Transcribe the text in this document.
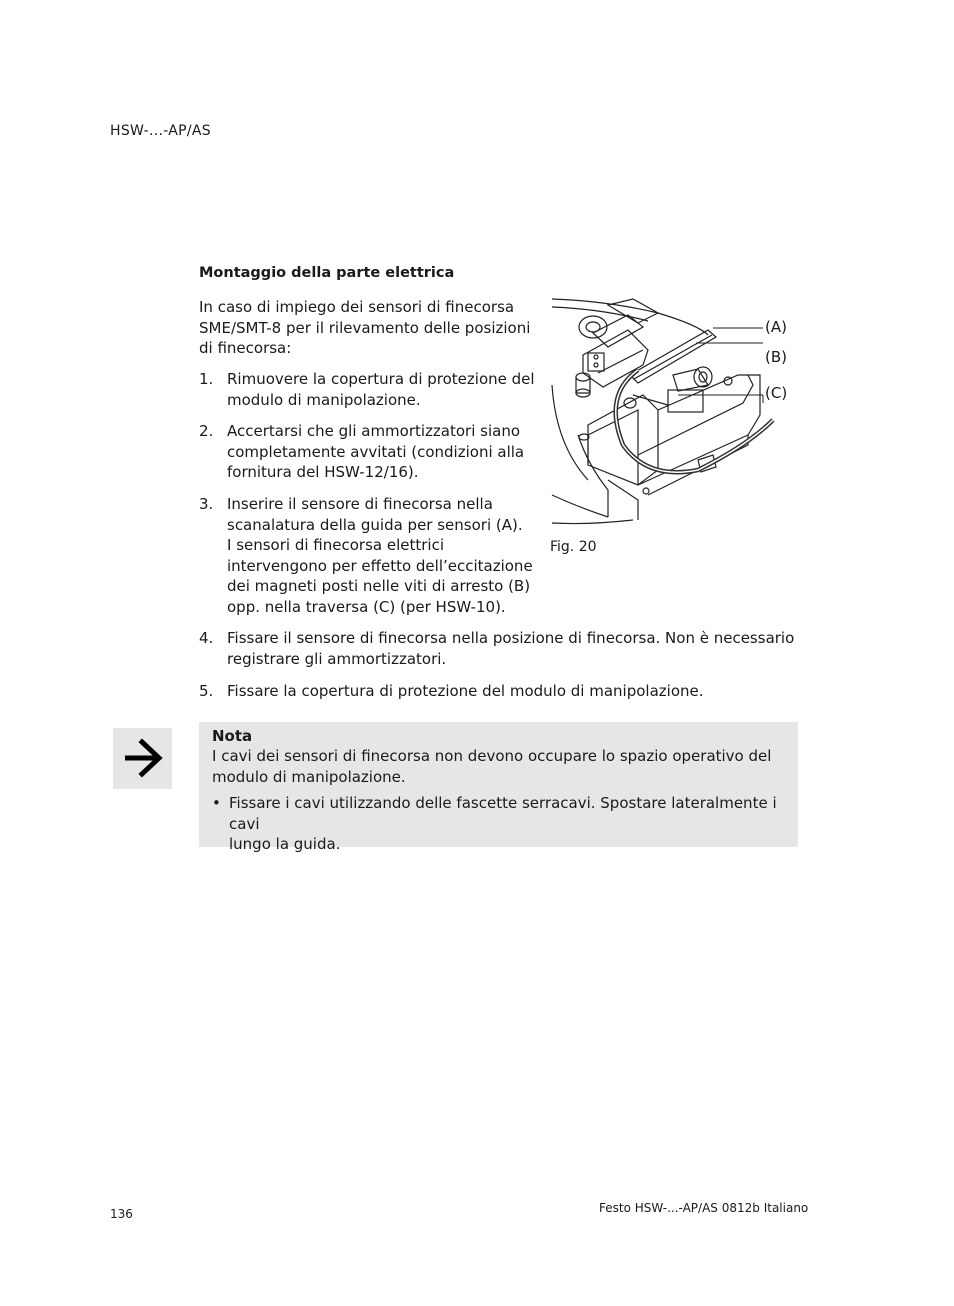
HSW-...-AP/AS
Montaggio della parte elettrica
In caso di impiego dei sensori di finecorsa
SME/SMT-8 per il rilevamento delle posizioni
di finecorsa:
1. Rimuovere la copertura di protezione del
modulo di manipolazione.
2. Accertarsi che gli ammortizzatori siano
completamente avvitati (condizioni alla
fornitura del HSW-12/16).
3. Inserire il sensore di finecorsa nella
scanalatura della guida per sensori (A).
I sensori di finecorsa elettrici
intervengono per effetto dell’eccitazione
dei magneti posti nelle viti di arresto (B)
opp. nella traversa (C) (per HSW-10).
4. Fissare il sensore di finecorsa nella posizione di finecorsa. Non è necessario
registrare gli ammortizzatori.
5. Fissare la copertura di protezione del modulo di manipolazione.
(A)
(B)
(C)
Fig. 20
Nota
I cavi dei sensori di finecorsa non devono occupare lo spazio operativo del
modulo di manipolazione.
• Fissare i cavi utilizzando delle fascette serracavi. Spostare lateralmente i cavi
lungo la guida.
136	Festo HSW-...-AP/AS 0812b Italiano
